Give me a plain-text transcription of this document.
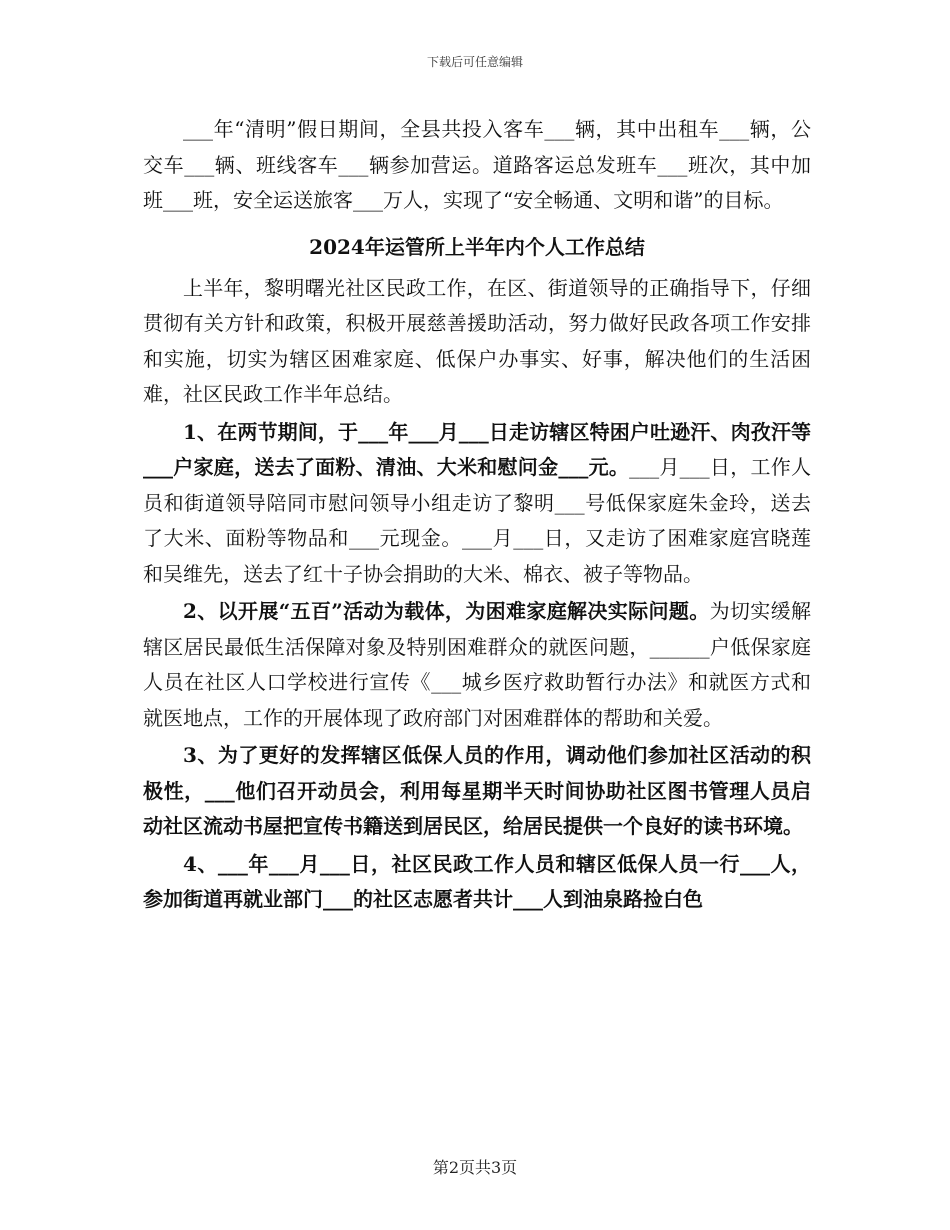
下载后可任意编辑

___年“清明”假日期间，全县共投入客车___辆，其中出租车___辆，公交车___辆、班线客车___辆参加营运。道路客运总发班车___班次，其中加班___班，安全运送旅客___万人，实现了“安全畅通、文明和谐”的目标。

2024年运管所上半年内个人工作总结

上半年，黎明曙光社区民政工作，在区、街道领导的正确指导下，仔细贯彻有关方针和政策，积极开展慈善援助活动，努力做好民政各项工作安排和实施，切实为辖区困难家庭、低保户办事实、好事，解决他们的生活困难，社区民政工作半年总结。

1、在两节期间，于___年___月___日走访辖区特困户吐逊汗、肉孜汗等___户家庭，送去了面粉、清油、大米和慰问金___元。___月___日，工作人员和街道领导陪同市慰问领导小组走访了黎明___号低保家庭朱金玲，送去了大米、面粉等物品和___元现金。___月___日，又走访了困难家庭宫晓莲和吴维先，送去了红十子协会捐助的大米、棉衣、被子等物品。

2、以开展“五百”活动为载体，为困难家庭解决实际问题。为切实缓解辖区居民最低生活保障对象及特别困难群众的就医问题，______户低保家庭人员在社区人口学校进行宣传《___城乡医疗救助暂行办法》和就医方式和就医地点，工作的开展体现了政府部门对困难群体的帮助和关爱。

3、为了更好的发挥辖区低保人员的作用，调动他们参加社区活动的积极性，___他们召开动员会，利用每星期半天时间协助社区图书管理人员启动社区流动书屋把宣传书籍送到居民区，给居民提供一个良好的读书环境。

4、___年___月___日，社区民政工作人员和辖区低保人员一行___人，参加街道再就业部门___的社区志愿者共计___人到油泉路捡白色

第2页共3页
